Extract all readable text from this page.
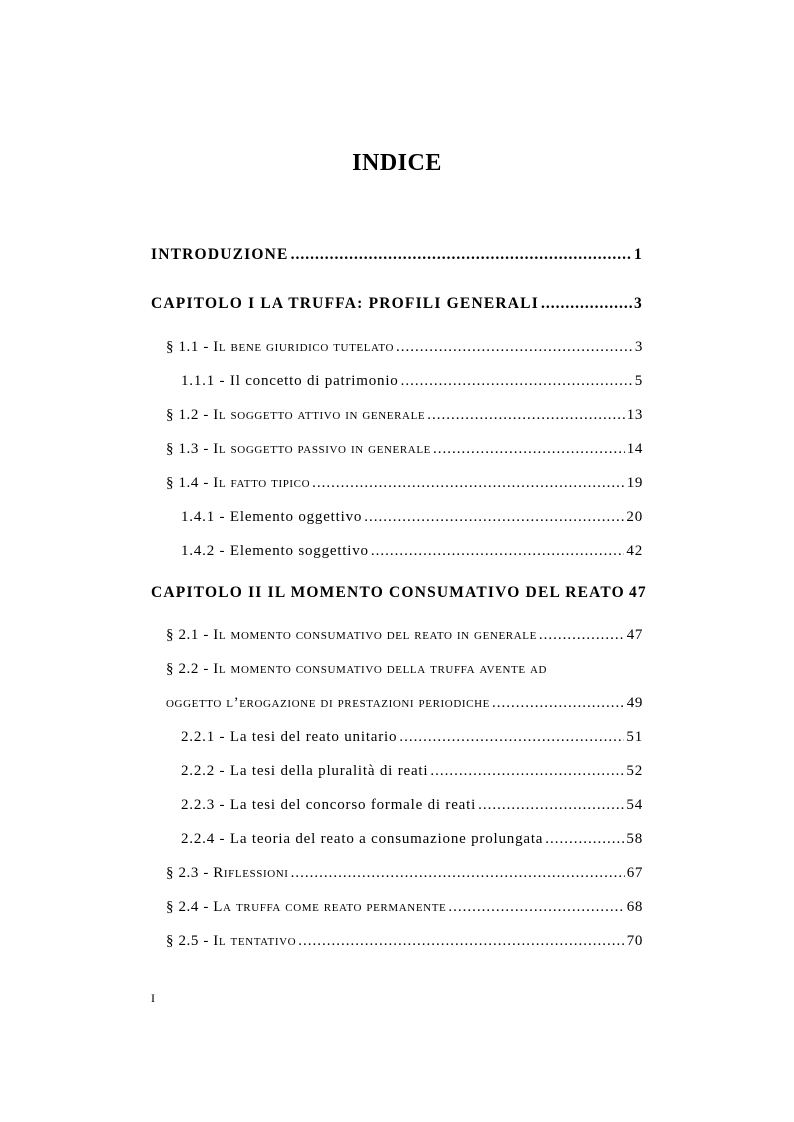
INDICE
INTRODUZIONE .....	1
CAPITOLO I LA TRUFFA: PROFILI GENERALI .....	3
§ 1.1 - Il bene giuridico tutelato .....	3
1.1.1 - Il concetto di patrimonio .....	5
§ 1.2 - Il soggetto attivo in generale .....	13
§ 1.3 - Il soggetto passivo in generale .....	14
§ 1.4 - Il fatto tipico .....	19
1.4.1 - Elemento oggettivo .....	20
1.4.2 - Elemento soggettivo .....	42
CAPITOLO II IL MOMENTO CONSUMATIVO DEL REATO 47
§ 2.1 - Il momento consumativo del reato in generale .....	47
§ 2.2 - Il momento consumativo della truffa avente ad
oggetto l’erogazione di prestazioni periodiche .....	49
2.2.1 - La tesi del reato unitario .....	51
2.2.2 - La tesi della pluralità di reati .....	52
2.2.3 - La tesi del concorso formale di reati .....	54
2.2.4 - La teoria del reato a consumazione prolungata .....	58
§ 2.3 - Riflessioni .....	67
§ 2.4 - La truffa come reato permanente .....	68
§ 2.5 - Il tentativo .....	70
I
